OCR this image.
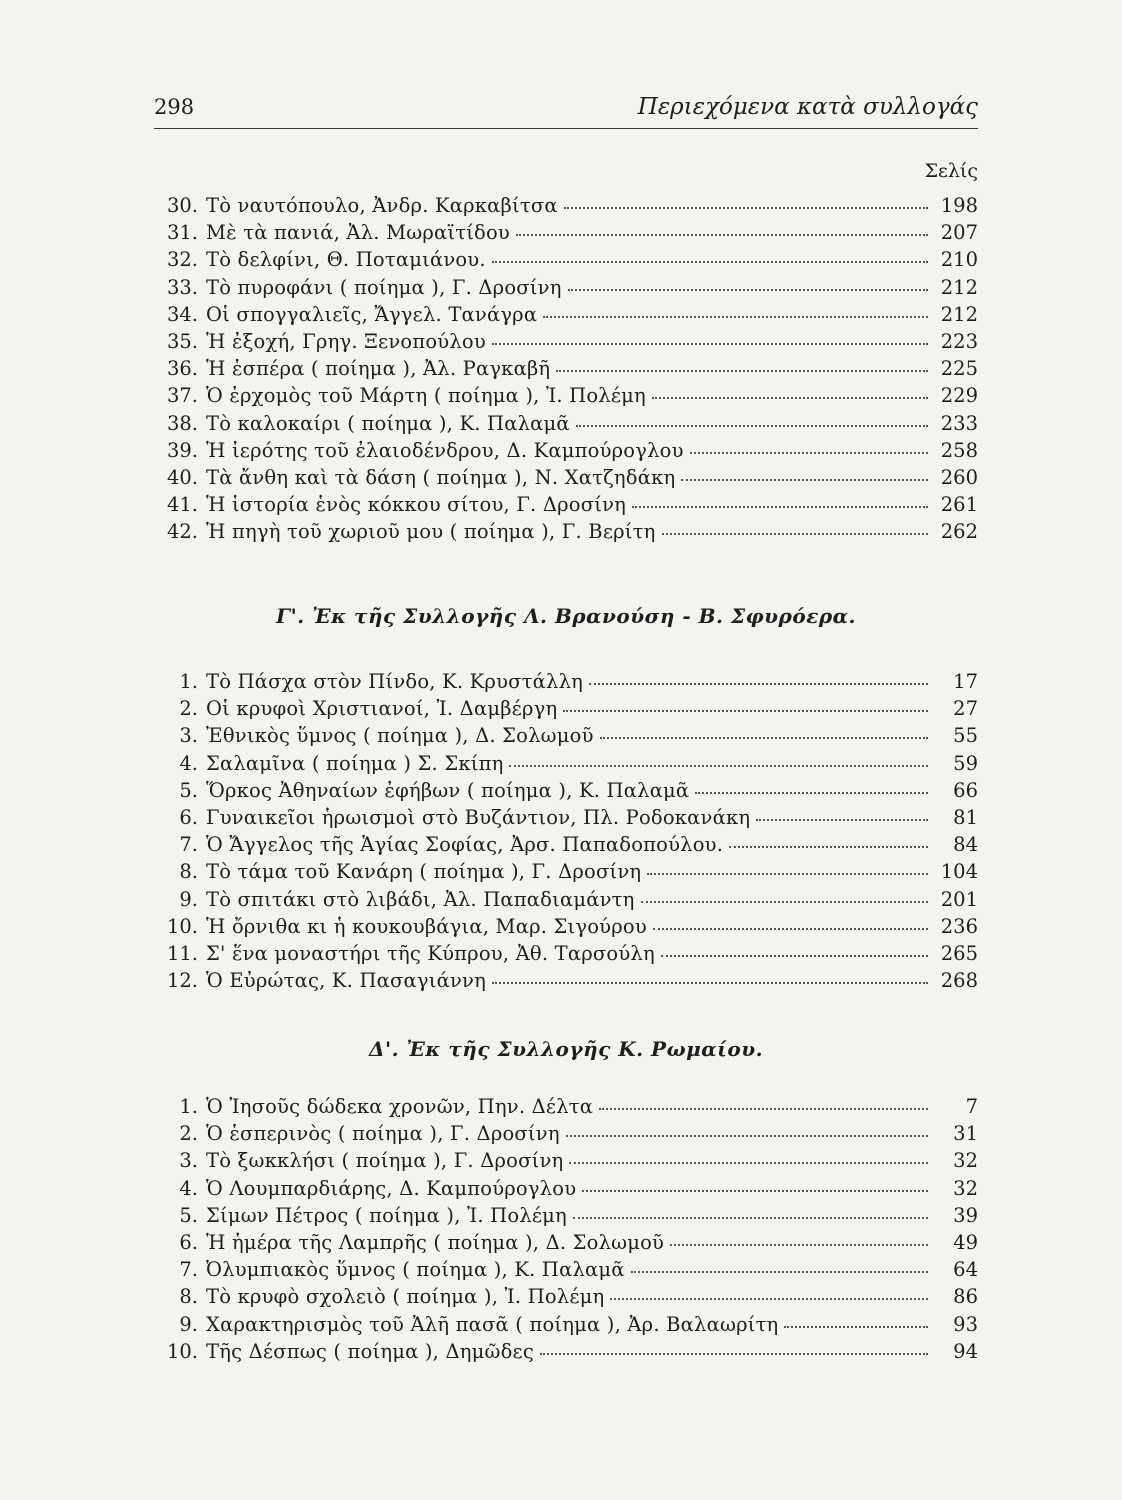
298	Περιεχόμενα κατὰ συλλογάς
Σελίς
30. Τὸ ναυτόπουλο, Ἀνδρ. Καρκαβίτσα	198
31. Μὲ τὰ πανιά, Ἀλ. Μωραϊτίδου	207
32. Τὸ δελφίνι, Θ. Ποταμιάνου.	210
33. Τὸ πυροφάνι ( ποίημα ), Γ. Δροσίνη	212
34. Οἱ σπογγαλιεῖς, Ἄγγελ. Τανάγρα	212
35. Ἡ ἐξοχή, Γρηγ. Ξενοπούλου	223
36. Ἡ ἑσπέρα ( ποίημα ), Ἀλ. Ραγκαβῆ	225
37. Ὁ ἐρχομὸς τοῦ Μάρτη ( ποίημα ), Ἰ. Πολέμη	229
38. Τὸ καλοκαίρι ( ποίημα ), Κ. Παλαμᾶ	233
39. Ἡ ἱερότης τοῦ ἐλαιοδένδρου, Δ. Καμπούρογλου	258
40. Τὰ ἄνθη καὶ τὰ δάση ( ποίημα ), Ν. Χατζηδάκη	260
41. Ἡ ἱστορία ἑνὸς κόκκου σίτου, Γ. Δροσίνη	261
42. Ἡ πηγὴ τοῦ χωριοῦ μου ( ποίημα ), Γ. Βερίτη	262
Γ'. Ἐκ τῆς Συλλογῆς Λ. Βρανούση - Β. Σφυρόερα.
1. Τὸ Πάσχα στὸν Πίνδο, Κ. Κρυστάλλη	17
2. Οἱ κρυφοὶ Χριστιανοί, Ἰ. Δαμβέργη	27
3. Ἐθνικὸς ὕμνος ( ποίημα ), Δ. Σολωμοῦ	55
4. Σαλαμῖνα ( ποίημα ) Σ. Σκίπη	59
5. Ὅρκος Ἀθηναίων ἐφήβων ( ποίημα ), Κ. Παλαμᾶ	66
6. Γυναικεῖοι ἡρωισμοὶ στὸ Βυζάντιον, Πλ. Ροδοκανάκη	81
7. Ὁ Ἄγγελος τῆς Ἁγίας Σοφίας, Ἀρσ. Παπαδοπούλου.	84
8. Τὸ τάμα τοῦ Κανάρη ( ποίημα ), Γ. Δροσίνη	104
9. Τὸ σπιτάκι στὸ λιβάδι, Ἀλ. Παπαδιαμάντη	201
10. Ἡ ὄρνιθα κι ἡ κουκουβάγια, Μαρ. Σιγούρου	236
11. Σ' ἕνα μοναστήρι τῆς Κύπρου, Ἀθ. Ταρσούλη	265
12. Ὁ Εὐρώτας, Κ. Πασαγιάννη	268
Δ'. Ἐκ τῆς Συλλογῆς Κ. Ρωμαίου.
1. Ὁ Ἰησοῦς δώδεκα χρονῶν, Πην. Δέλτα	7
2. Ὁ ἑσπερινὸς ( ποίημα ), Γ. Δροσίνη	31
3. Τὸ ξωκκλήσι ( ποίημα ), Γ. Δροσίνη	32
4. Ὁ Λουμπαρδιάρης, Δ. Καμπούρογλου	32
5. Σίμων Πέτρος ( ποίημα ), Ἰ. Πολέμη	39
6. Ἡ ἡμέρα τῆς Λαμπρῆς ( ποίημα ), Δ. Σολωμοῦ	49
7. Ὀλυμπιακὸς ὕμνος ( ποίημα ), Κ. Παλαμᾶ	64
8. Τὸ κρυφὸ σχολειὸ ( ποίημα ), Ἰ. Πολέμη	86
9. Χαρακτηρισμὸς τοῦ Ἀλῆ πασᾶ ( ποίημα ), Ἀρ. Βαλαωρίτη	93
10. Τῆς Δέσπως ( ποίημα ), Δημῶδες	94
